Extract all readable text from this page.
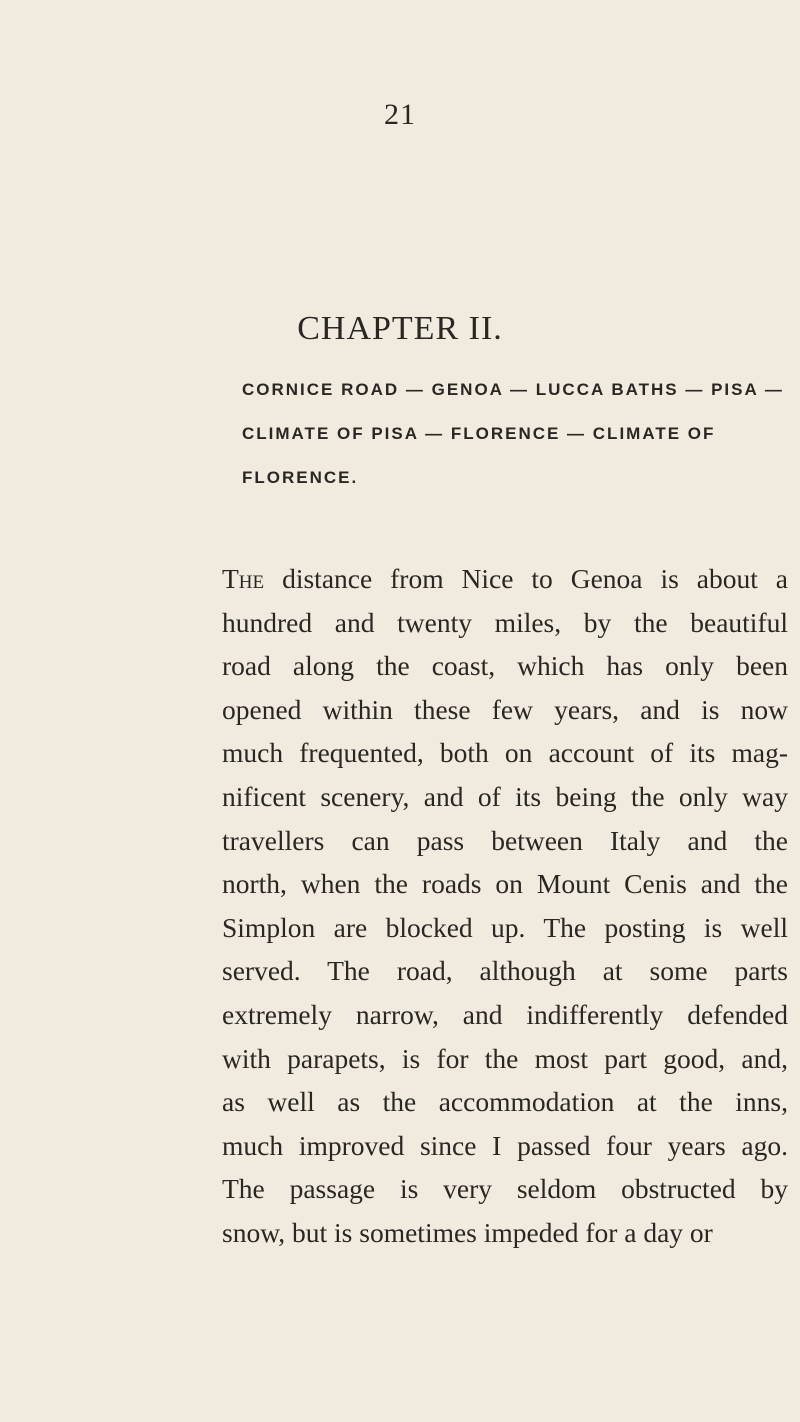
21
CHAPTER II.
CORNICE ROAD — GENOA — LUCCA BATHS — PISA —
CLIMATE OF PISA — FLORENCE — CLIMATE OF
FLORENCE.
The distance from Nice to Genoa is about a
hundred and twenty miles, by the beautiful
road along the coast, which has only been
opened within these few years, and is now
much frequented, both on account of its mag-
nificent scenery, and of its being the only way
travellers can pass between Italy and the
north, when the roads on Mount Cenis and the
Simplon are blocked up. The posting is well
served. The road, although at some parts
extremely narrow, and indifferently defended
with parapets, is for the most part good, and,
as well as the accommodation at the inns,
much improved since I passed four years ago.
The passage is very seldom obstructed by
snow, but is sometimes impeded for a day or
